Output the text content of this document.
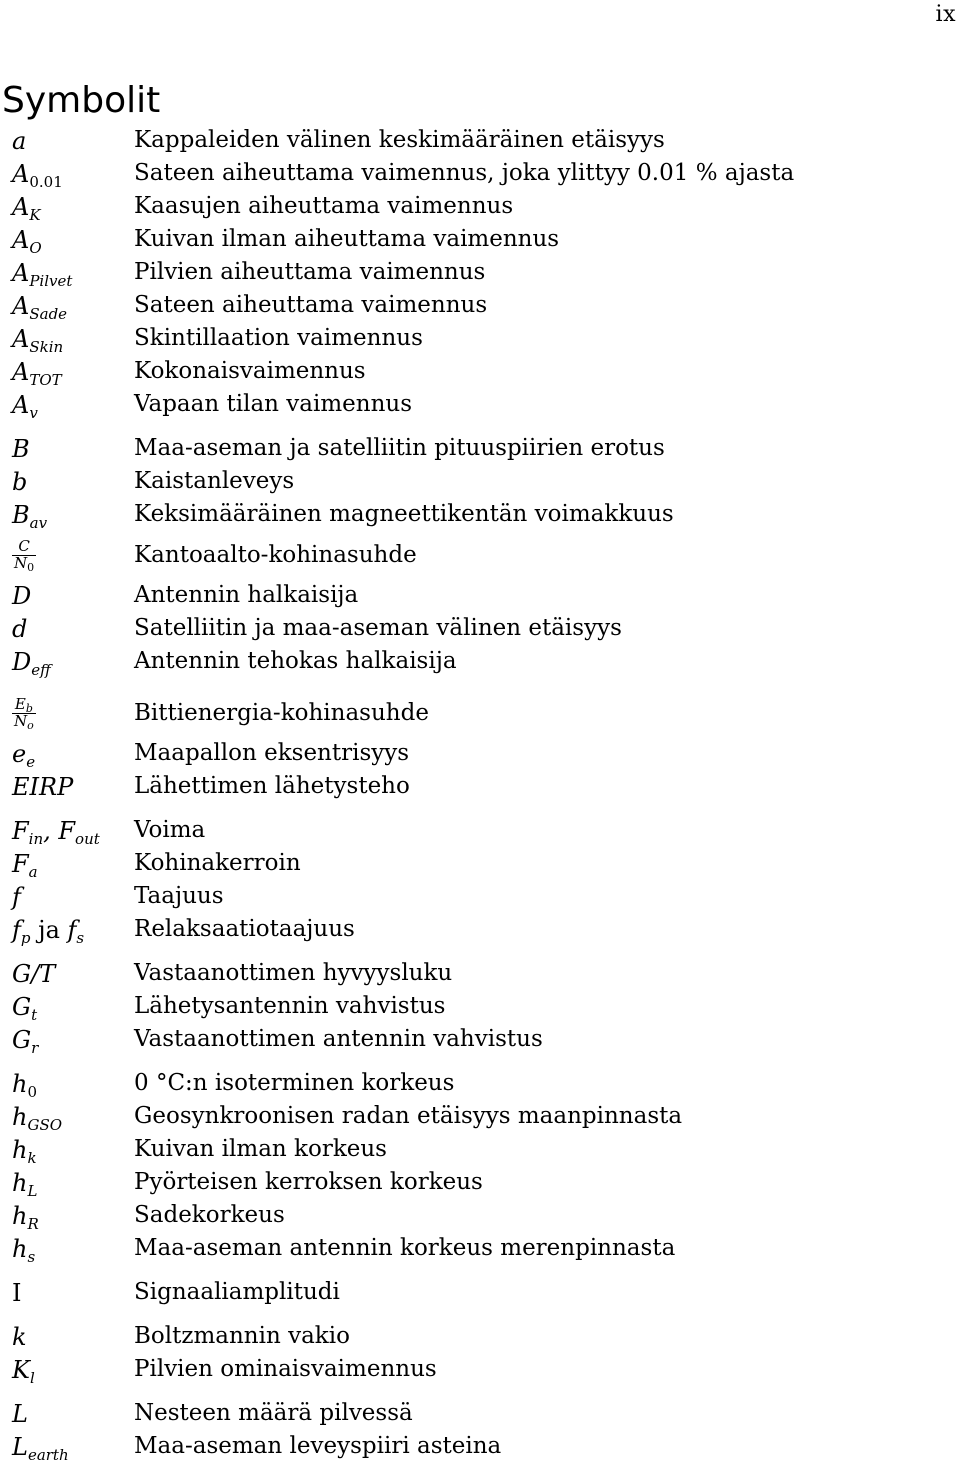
ix
Symbolit
a	Kappaleiden välinen keskimääräinen etäisyys
$A_{0.01}$	Sateen aiheuttama vaimennus, joka ylittyy 0.01 % ajasta
$A_K$	Kaasujen aiheuttama vaimennus
$A_O$	Kuivan ilman aiheuttama vaimennus
$A_{Pilvet}$	Pilvien aiheuttama vaimennus
$A_{Sade}$	Sateen aiheuttama vaimennus
$A_{Skin}$	Skintillaation vaimennus
$A_{TOT}$	Kokonaisvaimennus
$A_v$	Vapaan tilan vaimennus
B	Maa-aseman ja satelliitin pituuspiirien erotus
b	Kaistanleveys
$B_{av}$	Keksimääräinen magneettikentän voimakkuus
$\frac{C}{N_0}$	Kantoaalto-kohinasuhde
D	Antennin halkaisija
d	Satelliitin ja maa-aseman välinen etäisyys
$D_{eff}$	Antennin tehokas halkaisija
$\frac{E_b}{N_o}$	Bittienergia-kohinasuhde
$e_e$	Maapallon eksentrisyys
EIRP	Lähettimen lähetysteho
$F_{in}$, $F_{out}$	Voima
$F_a$	Kohinakerroin
f	Taajuus
$f_p$ ja $f_s$	Relaksaatiotaajuus
G/T	Vastaanottimen hyvyysluku
$G_t$	Lähetysantennin vahvistus
$G_r$	Vastaanottimen antennin vahvistus
$h_0$	0 °C:n isoterminen korkeus
$h_{GSO}$	Geosynkroonisen radan etäisyys maanpinnasta
$h_k$	Kuivan ilman korkeus
$h_L$	Pyörteisen kerroksen korkeus
$h_R$	Sadekorkeus
$h_s$	Maa-aseman antennin korkeus merenpinnasta
I	Signaaliamplitudi
k	Boltzmannin vakio
$K_l$	Pilvien ominaisvaimennus
L	Nesteen määrä pilvessä
$L_{earth}$	Maa-aseman leveyspiiri asteina
